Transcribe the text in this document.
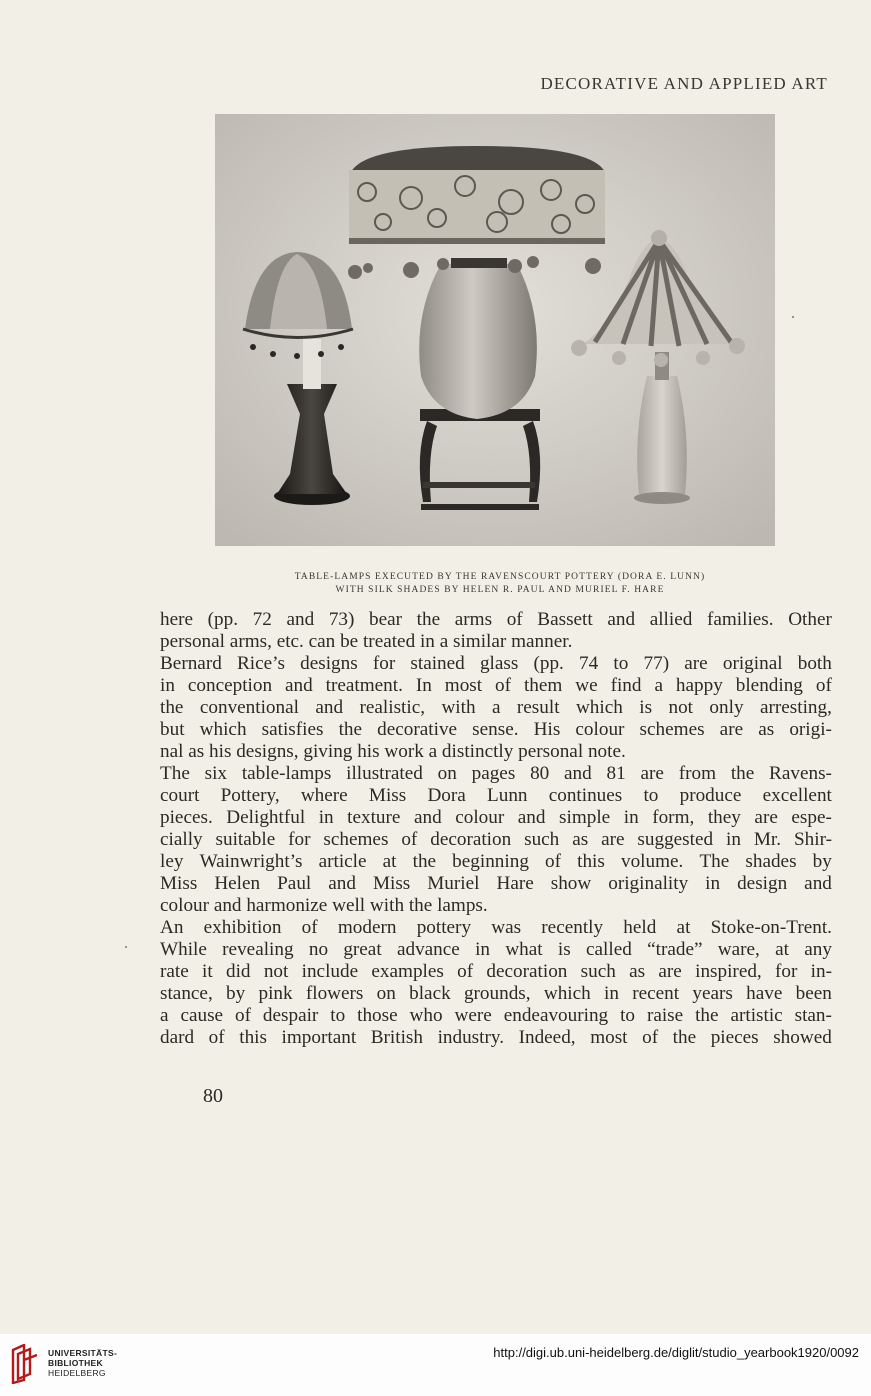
DECORATIVE AND APPLIED ART
TABLE-LAMPS EXECUTED BY THE RAVENSCOURT POTTERY (DORA E. LUNN)
WITH SILK SHADES BY HELEN R. PAUL AND MURIEL F. HARE
here (pp. 72 and 73) bear the arms of Bassett and allied families. Other
personal arms, etc. can be treated in a similar manner.
Bernard Rice’s designs for stained glass (pp. 74 to 77) are original both
in conception and treatment. In most of them we find a happy blending of
the conventional and realistic, with a result which is not only arresting,
but which satisfies the decorative sense. His colour schemes are as origi-
nal as his designs, giving his work a distinctly personal note.
The six table-lamps illustrated on pages 80 and 81 are from the Ravens-
court Pottery, where Miss Dora Lunn continues to produce excellent
pieces. Delightful in texture and colour and simple in form, they are espe-
cially suitable for schemes of decoration such as are suggested in Mr. Shir-
ley Wainwright’s article at the beginning of this volume. The shades by
Miss Helen Paul and Miss Muriel Hare show originality in design and
colour and harmonize well with the lamps.
An exhibition of modern pottery was recently held at Stoke-on-Trent.
While revealing no great advance in what is called “trade” ware, at any
rate it did not include examples of decoration such as are inspired, for in-
stance, by pink flowers on black grounds, which in recent years have been
a cause of despair to those who were endeavouring to raise the artistic stan-
dard of this important British industry. Indeed, most of the pieces showed
80
UNIVERSITÄTS-
BIBLIOTHEK
HEIDELBERG
http://digi.ub.uni-heidelberg.de/diglit/studio_yearbook1920/0092
